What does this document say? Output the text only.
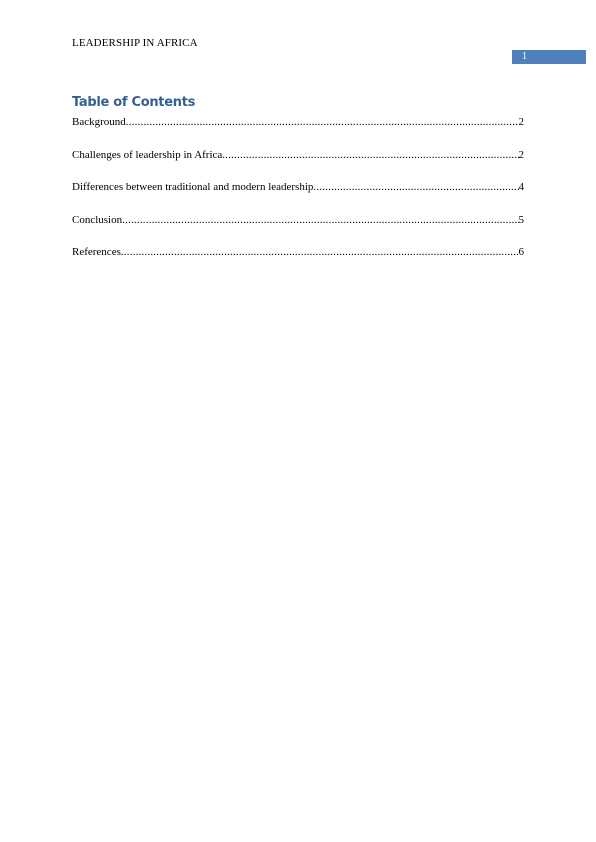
LEADERSHIP IN AFRICA
1
Table of Contents
Background .....	2
Challenges of leadership in Africa .....	2
Differences between traditional and modern leadership .....	4
Conclusion .....	5
References .....	6
